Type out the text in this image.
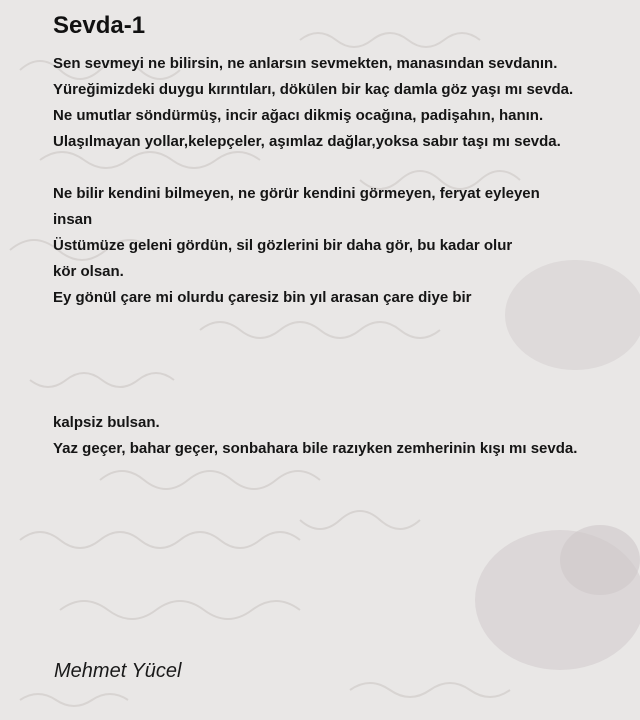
Sevda-1
Sen sevmeyi ne bilirsin, ne anlarsın sevmekten, manasından sevdanın.
Yüreğimizdeki duygu kırıntıları, dökülen bir kaç damla göz yaşı mı sevda.
Ne umutlar söndürmüş, incir ağacı dikmiş ocağına, padişahın, hanın.
Ulaşılmayan yollar,kelepçeler, aşımlaz dağlar,yoksa sabır taşı mı sevda.
Ne bilir kendini bilmeyen, ne görür kendini görmeyen, feryat eyleyen
insan
Üstümüze geleni gördün, sil gözlerini bir daha gör, bu kadar olur
kör olsan.
Ey gönül çare mi olurdu çaresiz bin yıl arasan çare diye bir
kalpsiz bulsan.
Yaz geçer, bahar geçer, sonbahara bile razıyken zemherinin kışı mı sevda.
Mehmet Yücel
